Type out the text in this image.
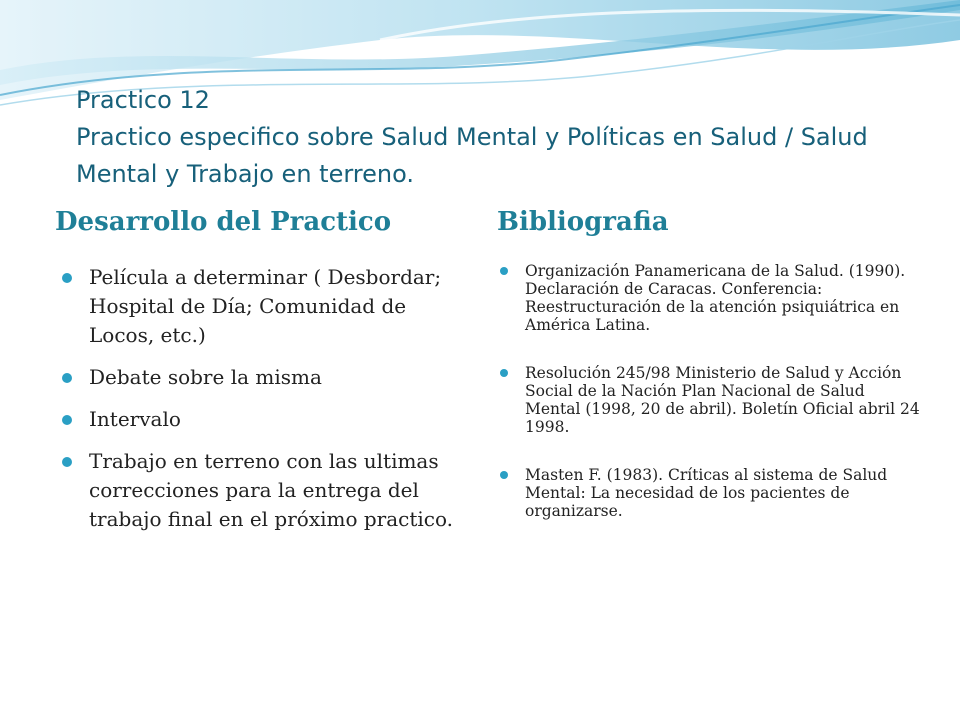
Practico 12
Practico especifico sobre Salud Mental y Políticas en Salud / Salud Mental y Trabajo en terreno.
Desarrollo del Practico	Bibliografia
Película a determinar ( Desbordar; Hospital de Día; Comunidad de Locos, etc.)
Debate sobre la misma
Intervalo
Trabajo en terreno con las ultimas correcciones para la entrega del trabajo final en el próximo practico.
Organización Panamericana de la Salud. (1990). Declaración de Caracas. Conferencia: Reestructuración de la atención psiquiátrica en América Latina.
Resolución 245/98 Ministerio de Salud y Acción Social de la Nación Plan Nacional de Salud Mental (1998, 20 de abril). Boletín Oficial abril 24 1998.
Masten F. (1983). Críticas al sistema de Salud Mental: La necesidad de los pacientes de organizarse.
